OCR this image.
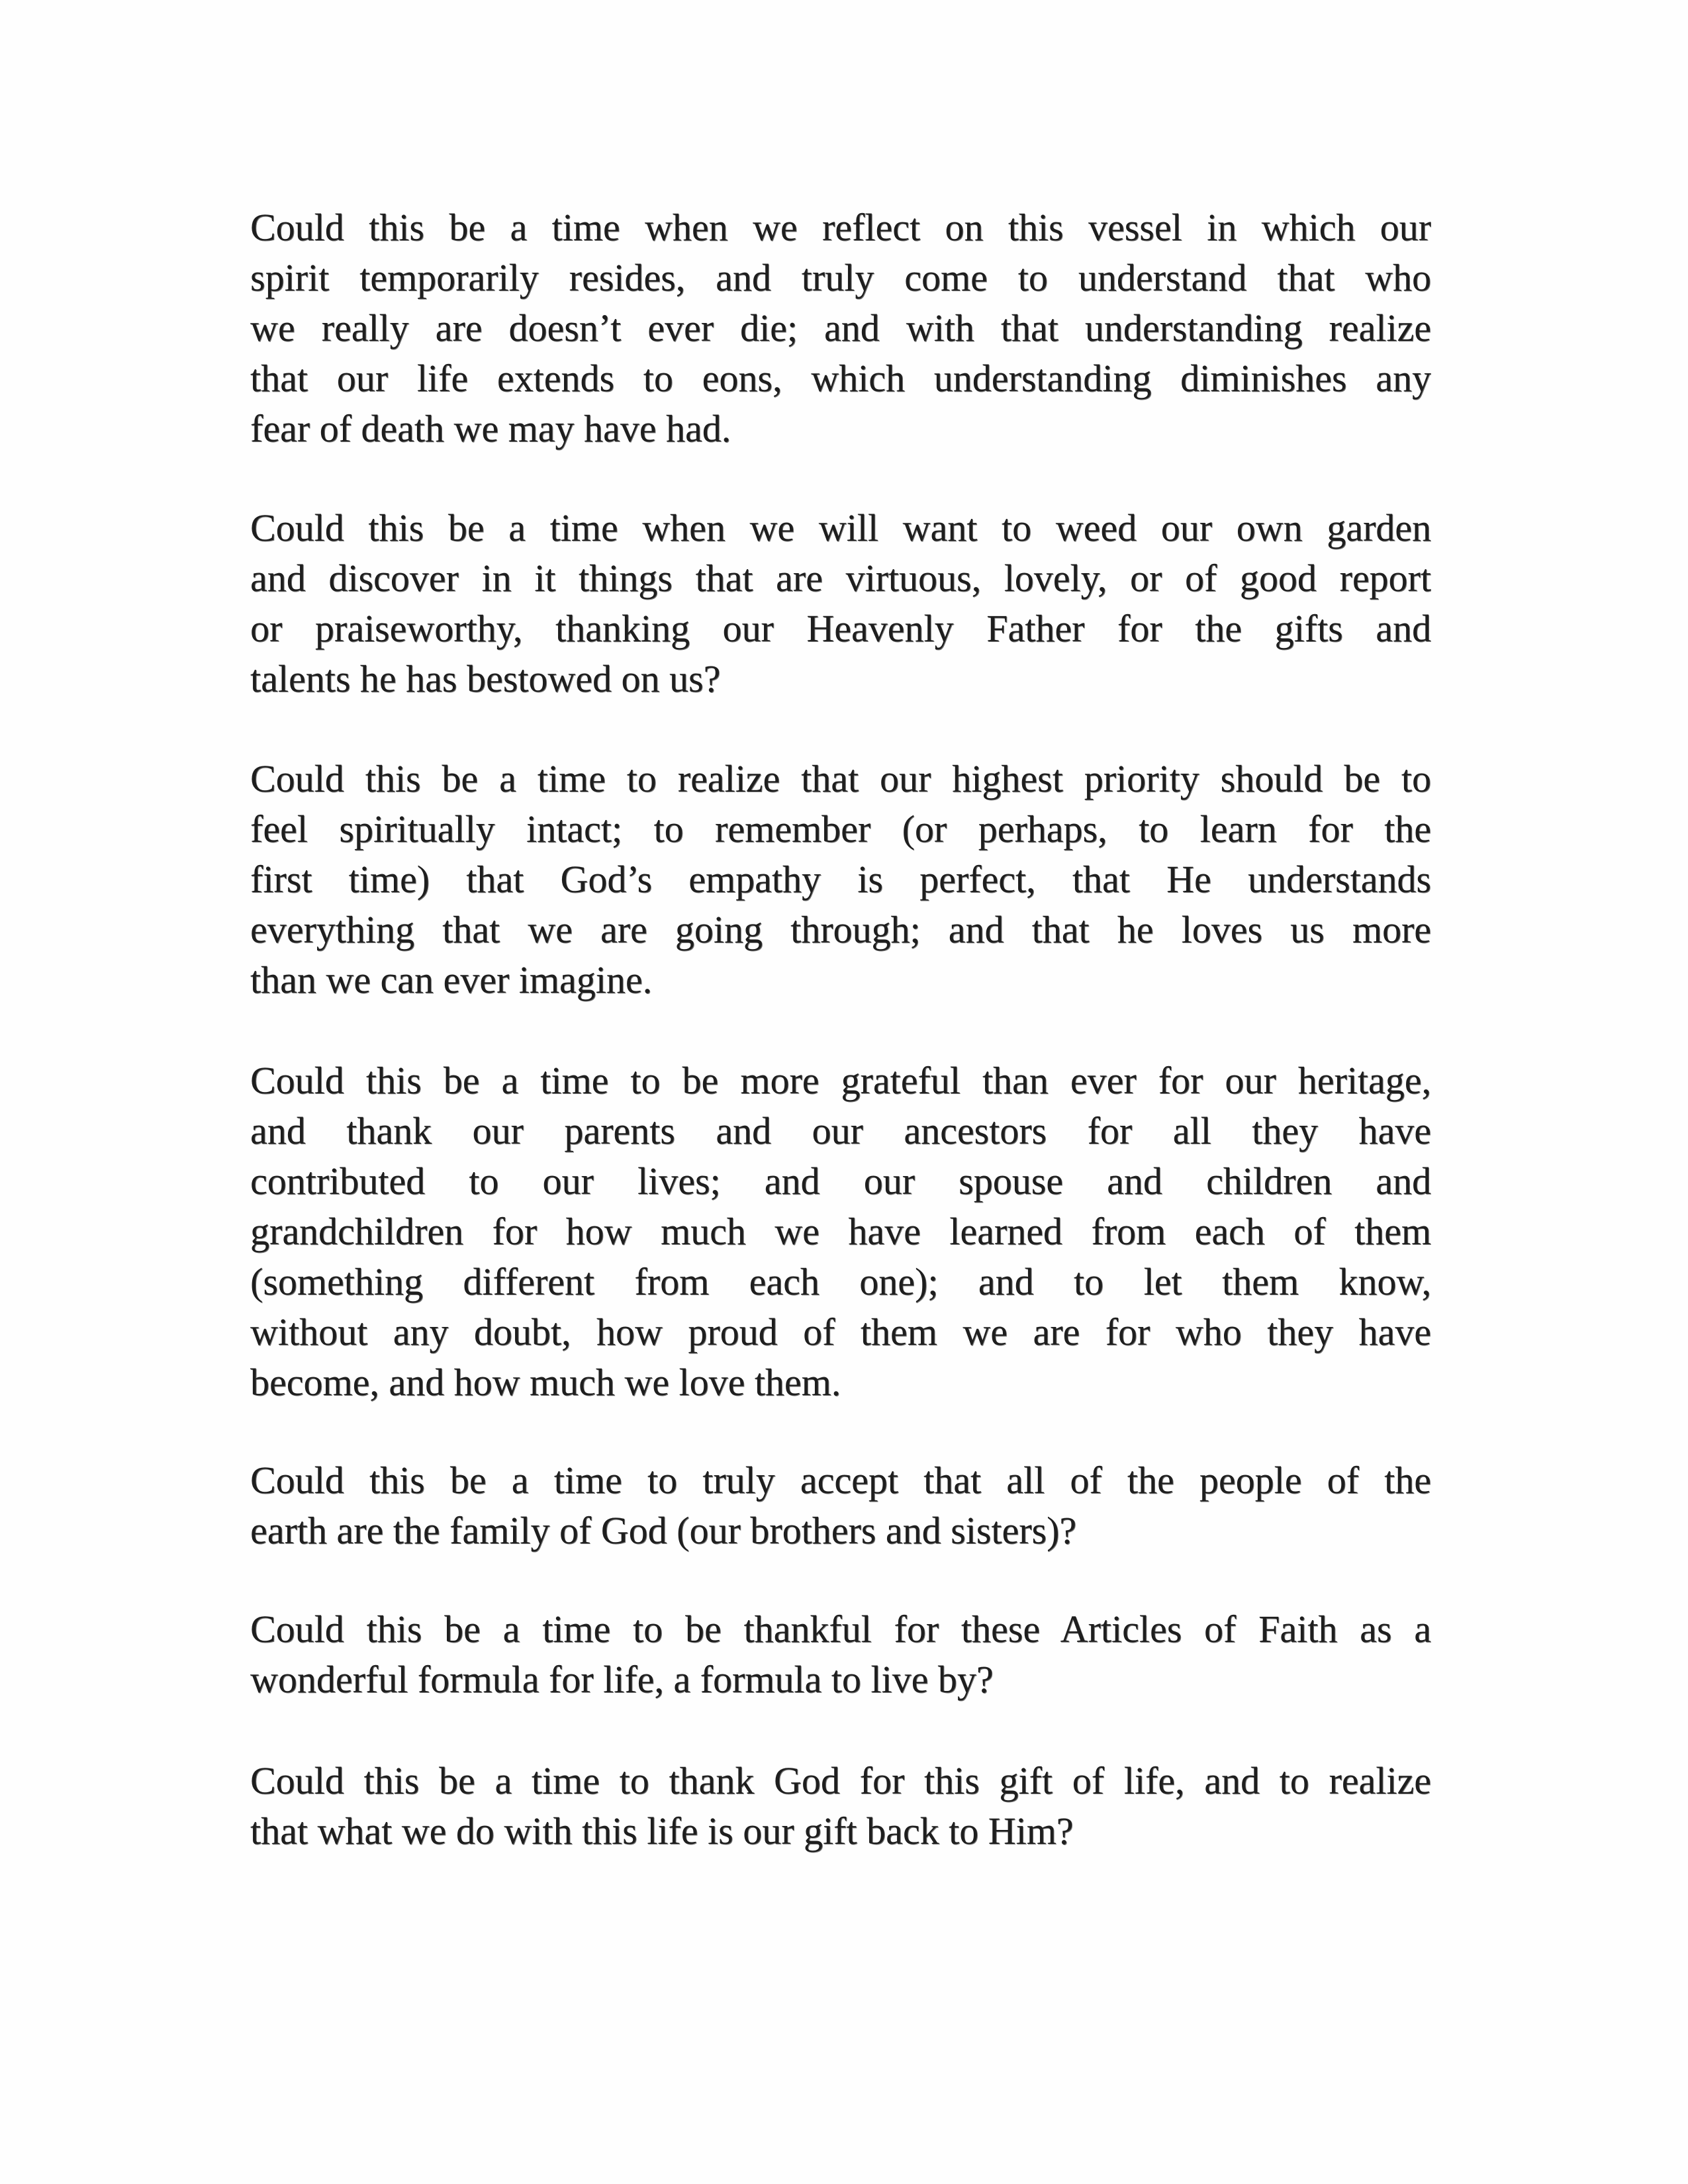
Could this be a time when we reflect on this vessel in which our
spirit temporarily resides, and truly come to understand that who
we really are doesn’t ever die; and with that understanding realize
that our life extends to eons, which understanding diminishes any
fear of death we may have had.
Could this be a time when we will want to weed our own garden
and discover in it things that are virtuous, lovely, or of good report
or praiseworthy, thanking our Heavenly Father for the gifts and
talents he has bestowed on us?
Could this be a time to realize that our highest priority should be to
feel spiritually intact; to remember (or perhaps, to learn for the
first time) that God’s empathy is perfect, that He understands
everything that we are going through; and that he loves us more
than we can ever imagine.
Could this be a time to be more grateful than ever for our heritage,
and thank our parents and our ancestors for all they have
contributed to our lives; and our spouse and children and
grandchildren for how much we have learned from each of them
(something different from each one); and to let them know,
without any doubt, how proud of them we are for who they have
become, and how much we love them.
Could this be a time to truly accept that all of the people of the
earth are the family of God (our brothers and sisters)?
Could this be a time to be thankful for these Articles of Faith as a
wonderful formula for life, a formula to live by?
Could this be a time to thank God for this gift of life, and to realize
that what we do with this life is our gift back to Him?
